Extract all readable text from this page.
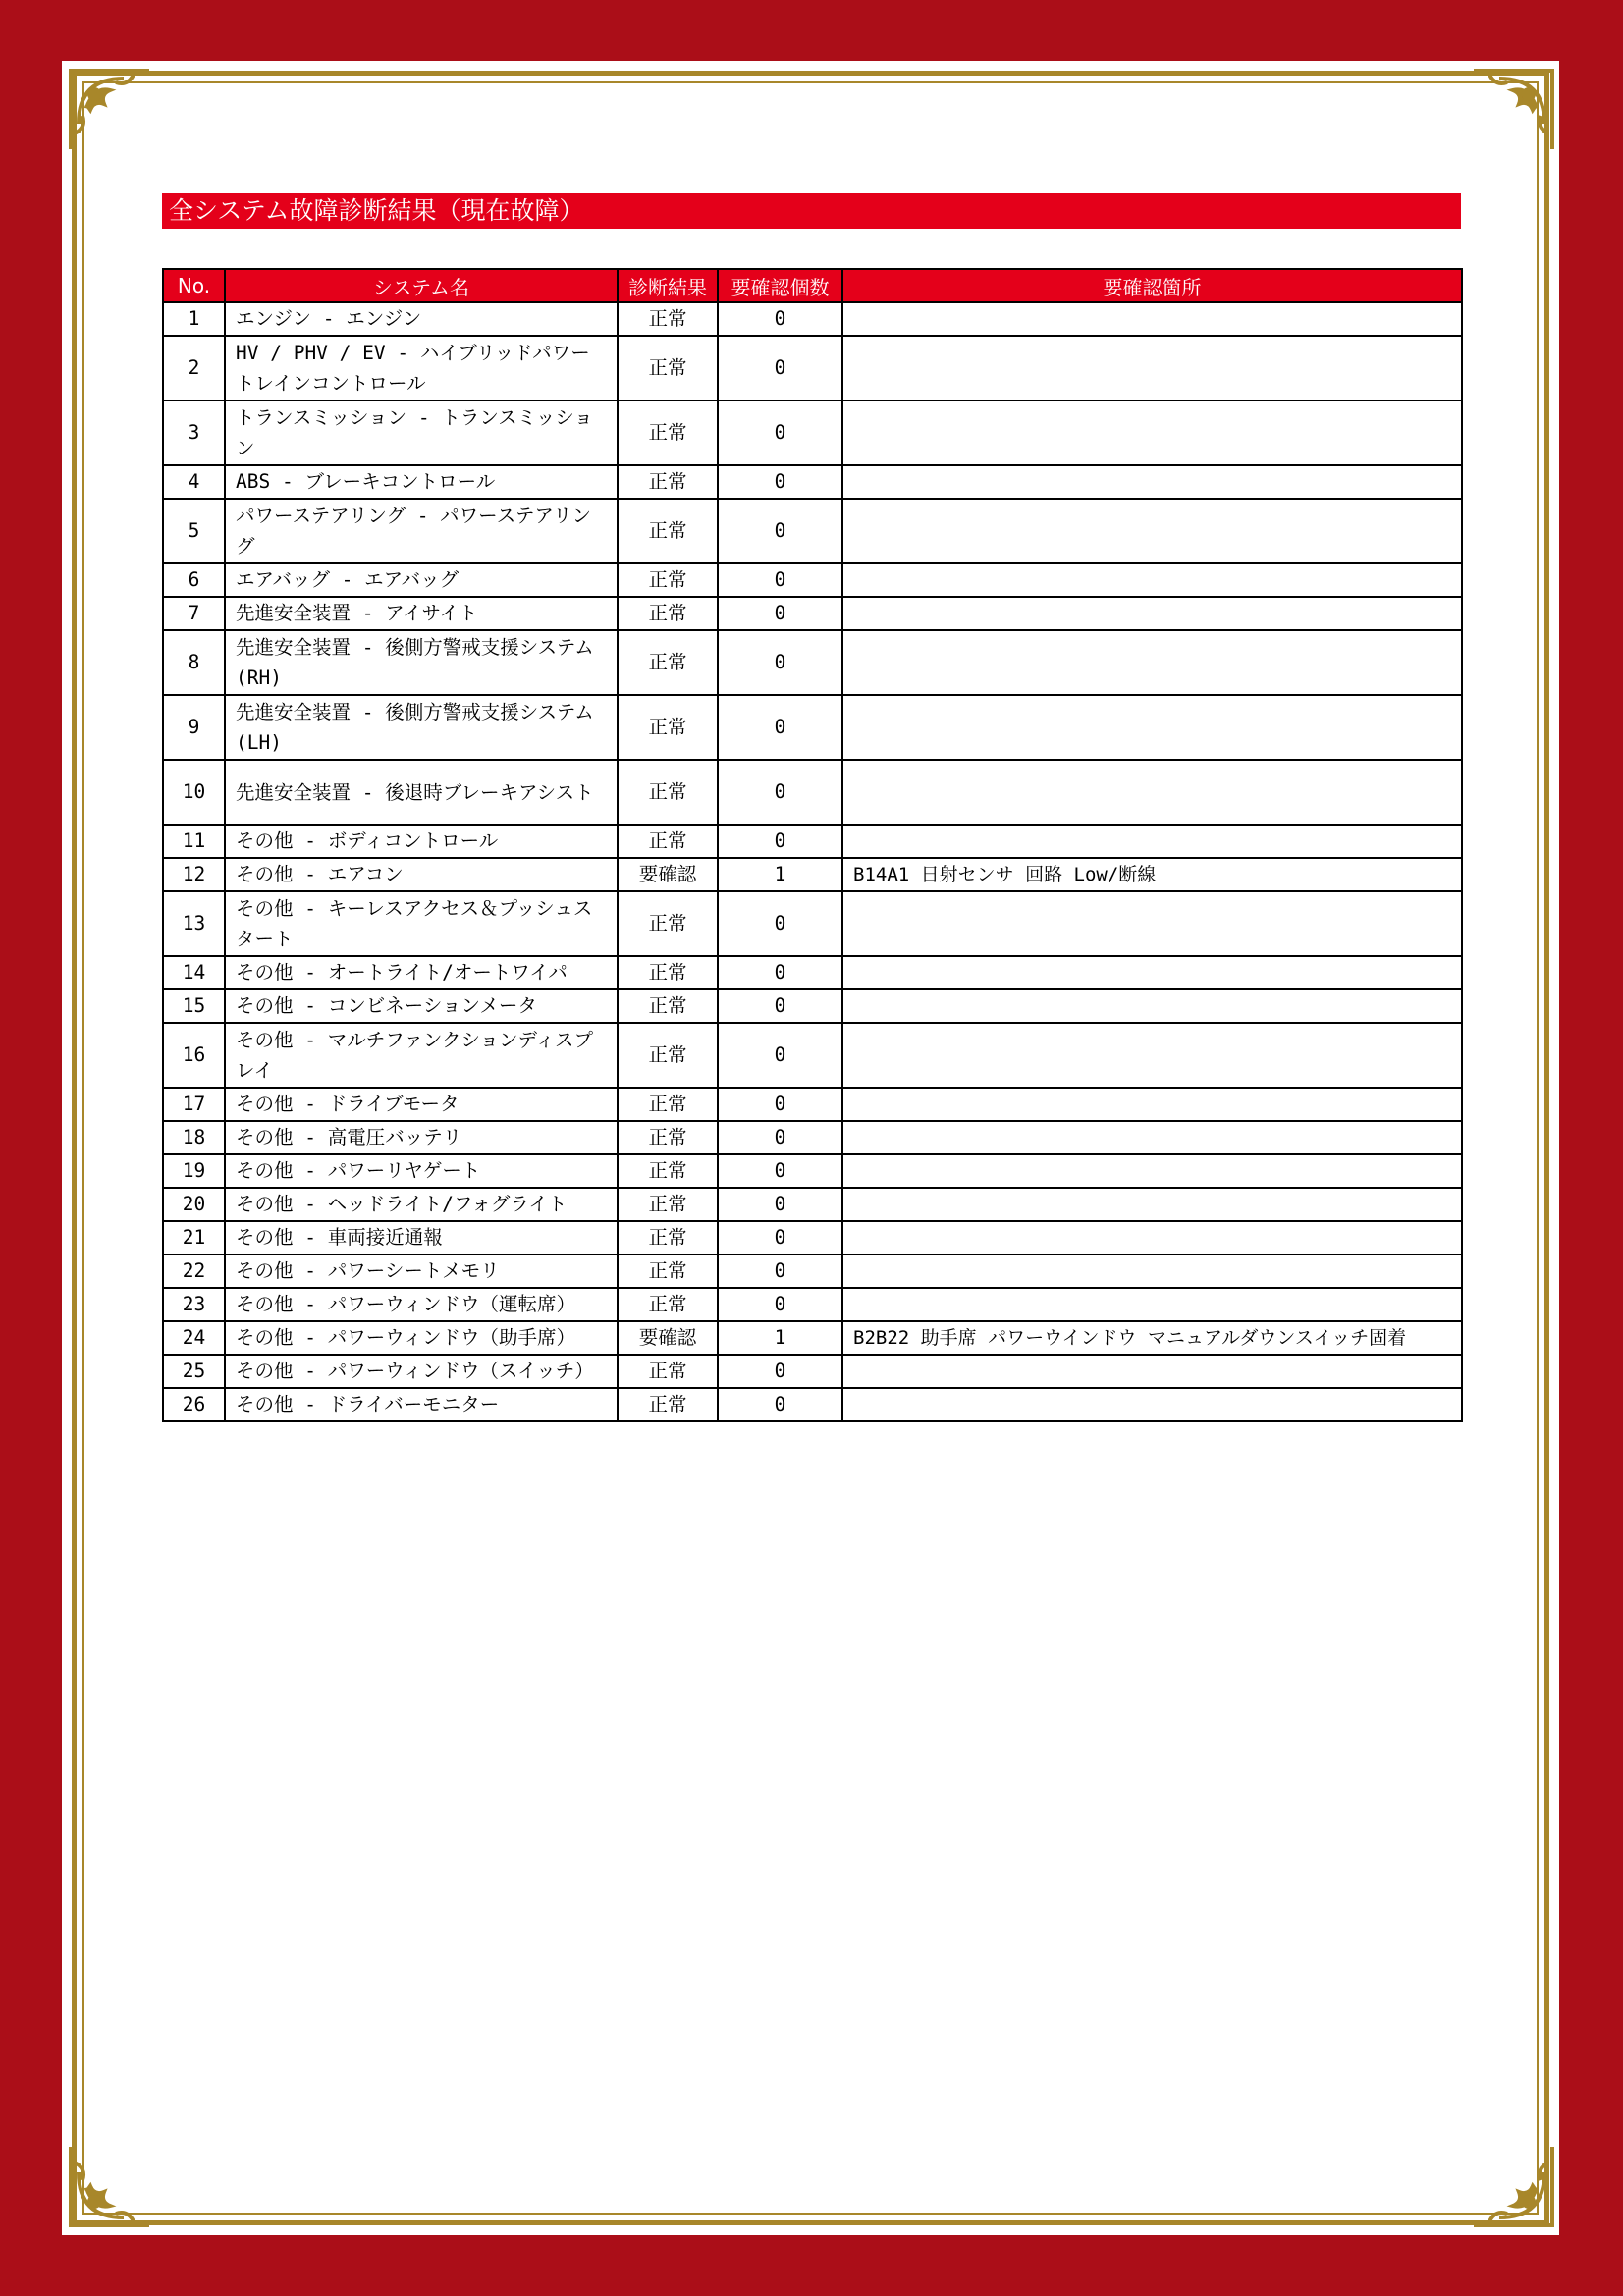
全システム故障診断結果（現在故障）
No.	システム名	診断結果	要確認個数	要確認箇所
1	エンジン - エンジン	正常	0	
2	HV / PHV / EV - ハイブリッドパワートレインコントロール	正常	0	
3	トランスミッション - トランスミッション	正常	0	
4	ABS - ブレーキコントロール	正常	0	
5	パワーステアリング - パワーステアリング	正常	0	
6	エアバッグ - エアバッグ	正常	0	
7	先進安全装置 - アイサイト	正常	0	
8	先進安全装置 - 後側方警戒支援システム(RH)	正常	0	
9	先進安全装置 - 後側方警戒支援システム(LH)	正常	0	
10	先進安全装置 - 後退時ブレーキアシスト	正常	0	
11	その他 - ボディコントロール	正常	0	
12	その他 - エアコン	要確認	1	B14A1 日射センサ 回路 Low/断線
13	その他 - キーレスアクセス＆プッシュスタート	正常	0	
14	その他 - オートライト/オートワイパ	正常	0	
15	その他 - コンビネーションメータ	正常	0	
16	その他 - マルチファンクションディスプレイ	正常	0	
17	その他 - ドライブモータ	正常	0	
18	その他 - 高電圧バッテリ	正常	0	
19	その他 - パワーリヤゲート	正常	0	
20	その他 - ヘッドライト/フォグライト	正常	0	
21	その他 - 車両接近通報	正常	0	
22	その他 - パワーシートメモリ	正常	0	
23	その他 - パワーウィンドウ（運転席）	正常	0	
24	その他 - パワーウィンドウ（助手席）	要確認	1	B2B22 助手席 パワーウインドウ マニュアルダウンスイッチ固着
25	その他 - パワーウィンドウ（スイッチ）	正常	0	
26	その他 - ドライバーモニター	正常	0	
